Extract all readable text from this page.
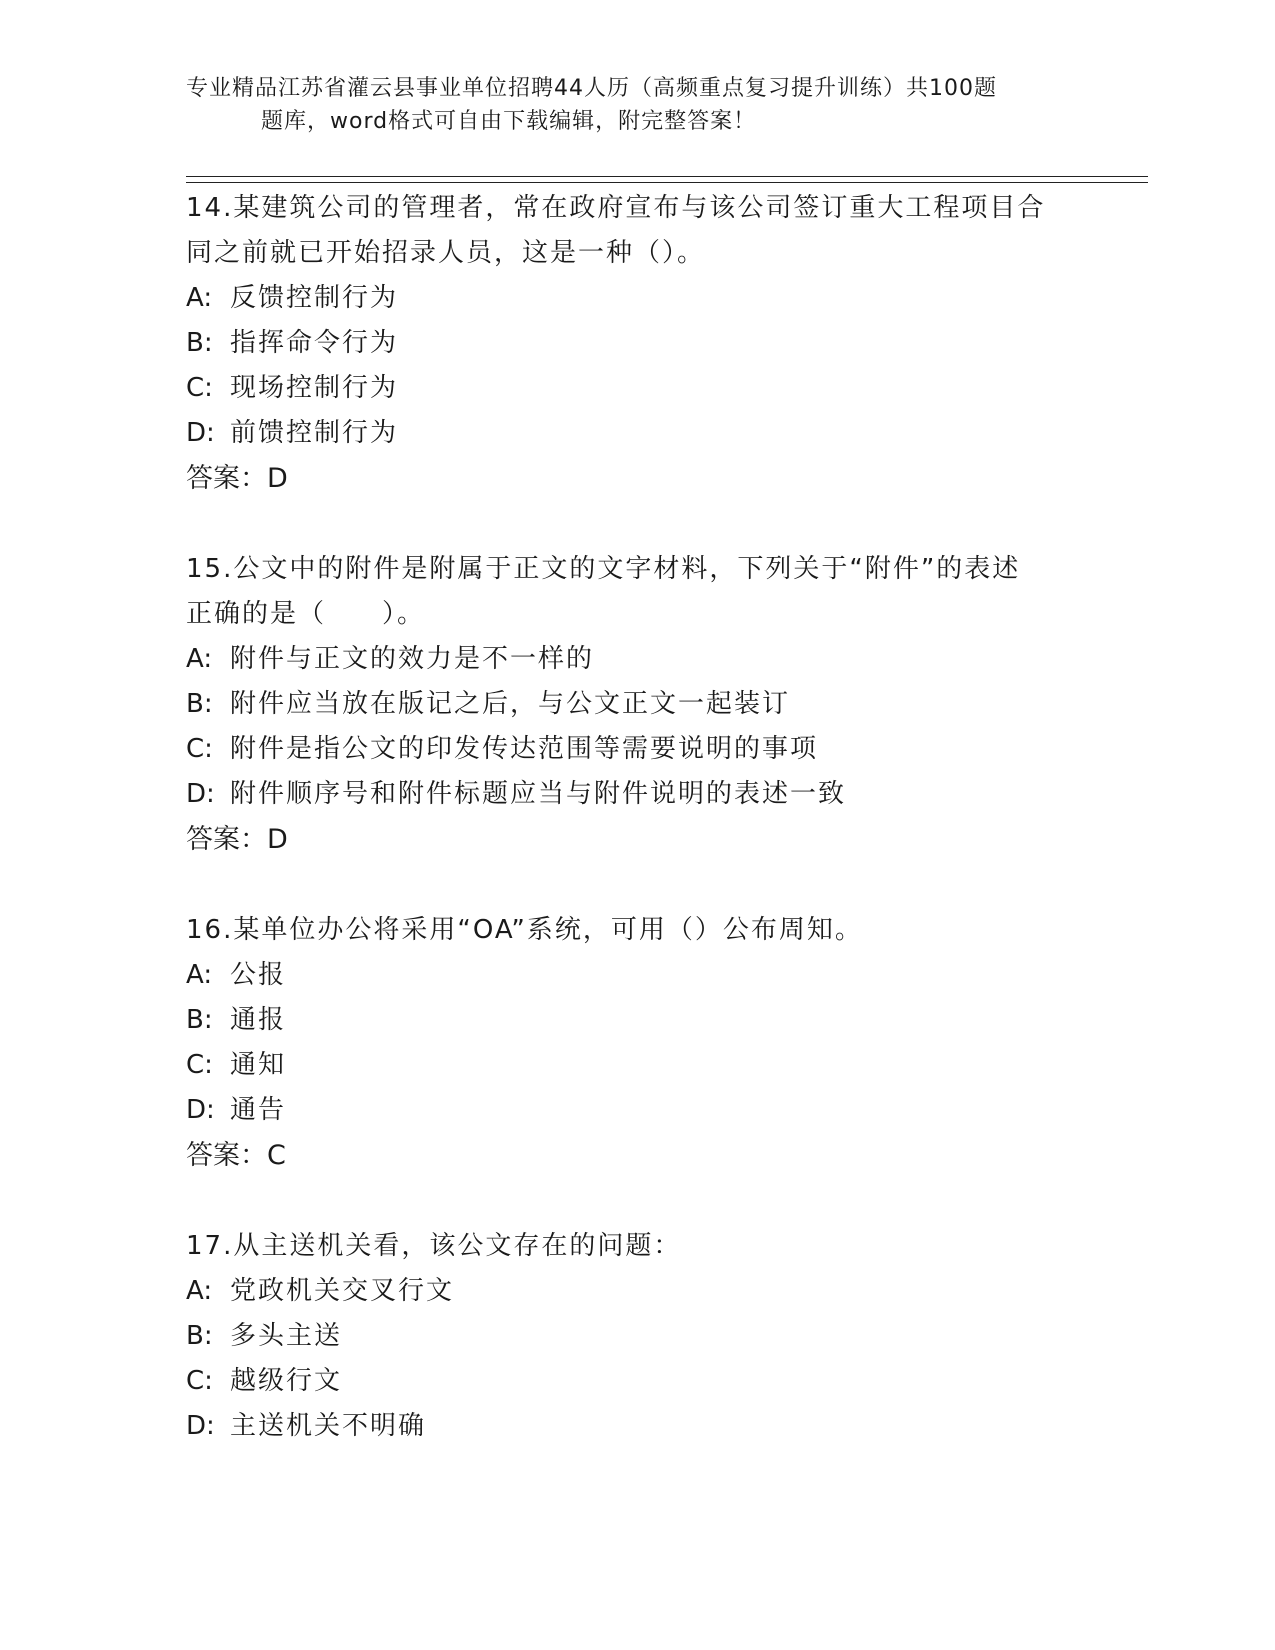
专业精品江苏省灌云县事业单位招聘44人历（高频重点复习提升训练）共100题
题库，word格式可自由下载编辑，附完整答案！
14.某建筑公司的管理者，常在政府宣布与该公司签订重大工程项目合
同之前就已开始招录人员，这是一种（）。
A: 反馈控制行为
B: 指挥命令行为
C: 现场控制行为
D: 前馈控制行为
答案：D
15.公文中的附件是附属于正文的文字材料，下列关于“附件”的表述
正确的是（　　）。
A: 附件与正文的效力是不一样的
B: 附件应当放在版记之后，与公文正文一起装订
C: 附件是指公文的印发传达范围等需要说明的事项
D: 附件顺序号和附件标题应当与附件说明的表述一致
答案：D
16.某单位办公将采用“OA”系统，可用（）公布周知。
A: 公报
B: 通报
C: 通知
D: 通告
答案：C
17.从主送机关看，该公文存在的问题：
A: 党政机关交叉行文
B: 多头主送
C: 越级行文
D: 主送机关不明确
